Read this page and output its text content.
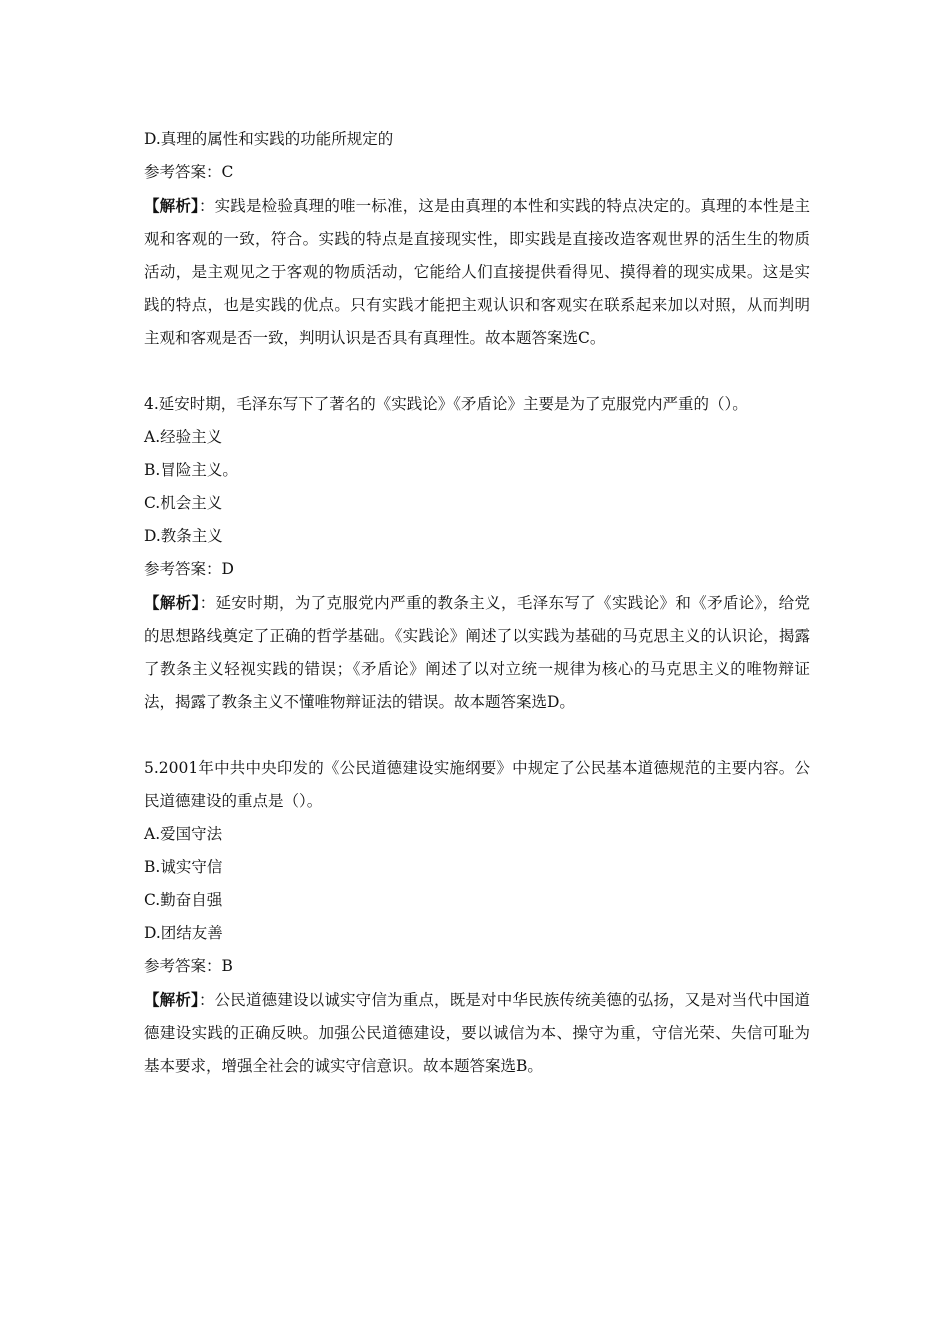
D.真理的属性和实践的功能所规定的

参考答案：C

【解析】：实践是检验真理的唯一标准，这是由真理的本性和实践的特点决定的。真理的本性是主观和客观的一致，符合。实践的特点是直接现实性，即实践是直接改造客观世界的活生生的物质活动，是主观见之于客观的物质活动，它能给人们直接提供看得见、摸得着的现实成果。这是实践的特点，也是实践的优点。只有实践才能把主观认识和客观实在联系起来加以对照，从而判明主观和客观是否一致，判明认识是否具有真理性。故本题答案选C。

4.延安时期，毛泽东写下了著名的《实践论》《矛盾论》主要是为了克服党内严重的（）。

A.经验主义

B.冒险主义。

C.机会主义

D.教条主义

参考答案：D

【解析】：延安时期，为了克服党内严重的教条主义，毛泽东写了《实践论》和《矛盾论》，给党的思想路线奠定了正确的哲学基础。《实践论》阐述了以实践为基础的马克思主义的认识论，揭露了教条主义轻视实践的错误；《矛盾论》阐述了以对立统一规律为核心的马克思主义的唯物辩证法，揭露了教条主义不懂唯物辩证法的错误。故本题答案选D。

5.2001年中共中央印发的《公民道德建设实施纲要》中规定了公民基本道德规范的主要内容。公民道德建设的重点是（）。

A.爱国守法

B.诚实守信

C.勤奋自强

D.团结友善

参考答案：B

【解析】：公民道德建设以诚实守信为重点，既是对中华民族传统美德的弘扬，又是对当代中国道德建设实践的正确反映。加强公民道德建设，要以诚信为本、操守为重，守信光荣、失信可耻为基本要求，增强全社会的诚实守信意识。故本题答案选B。
